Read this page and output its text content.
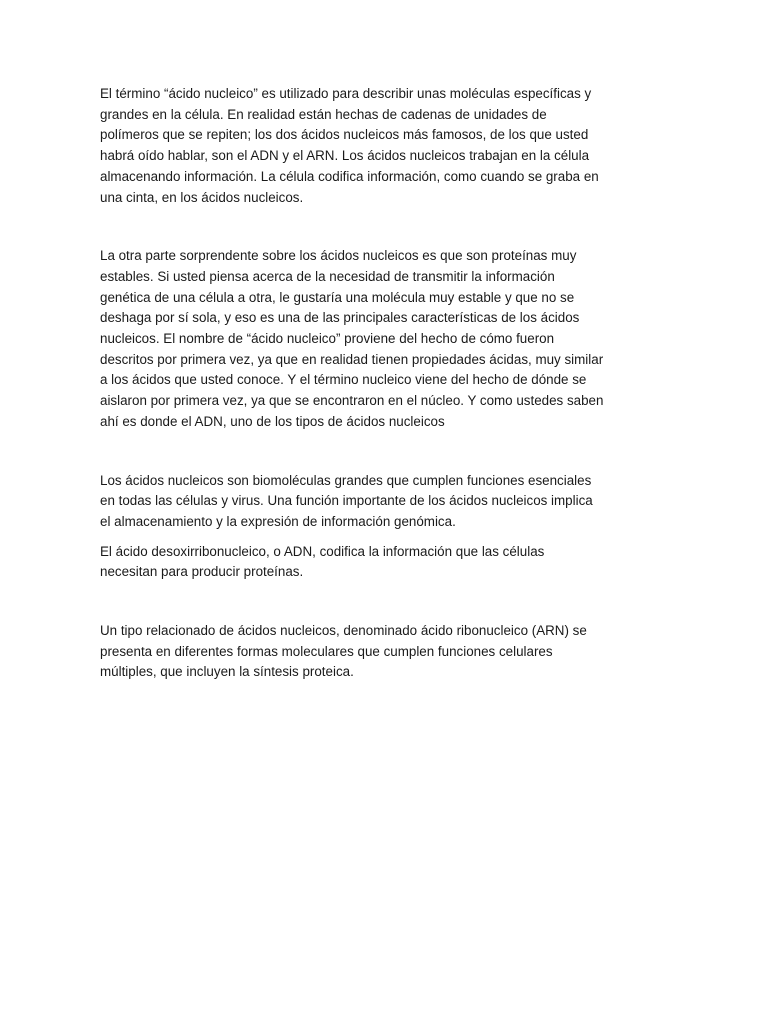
El término “ácido nucleico” es utilizado para describir unas moléculas específicas y grandes en la célula. En realidad están hechas de cadenas de unidades de polímeros que se repiten; los dos ácidos nucleicos más famosos, de los que usted habrá oído hablar, son el ADN y el ARN. Los ácidos nucleicos trabajan en la célula almacenando información. La célula codifica información, como cuando se graba en una cinta, en los ácidos nucleicos.

La otra parte sorprendente sobre los ácidos nucleicos es que son proteínas muy estables. Si usted piensa acerca de la necesidad de transmitir la información genética de una célula a otra, le gustaría una molécula muy estable y que no se deshaga por sí sola, y eso es una de las principales características de los ácidos nucleicos. El nombre de “ácido nucleico” proviene del hecho de cómo fueron descritos por primera vez, ya que en realidad tienen propiedades ácidas, muy similar a los ácidos que usted conoce. Y el término nucleico viene del hecho de dónde se aislaron por primera vez, ya que se encontraron en el núcleo. Y como ustedes saben ahí es donde el ADN, uno de los tipos de ácidos nucleicos

Los ácidos nucleicos son biomoléculas grandes que cumplen funciones esenciales en todas las células y virus. Una función importante de los ácidos nucleicos implica el almacenamiento y la expresión de información genómica.

El ácido desoxirribonucleico, o ADN, codifica la información que las células necesitan para producir proteínas.

Un tipo relacionado de ácidos nucleicos, denominado ácido ribonucleico (ARN) se presenta en diferentes formas moleculares que cumplen funciones celulares múltiples, que incluyen la síntesis proteica.
